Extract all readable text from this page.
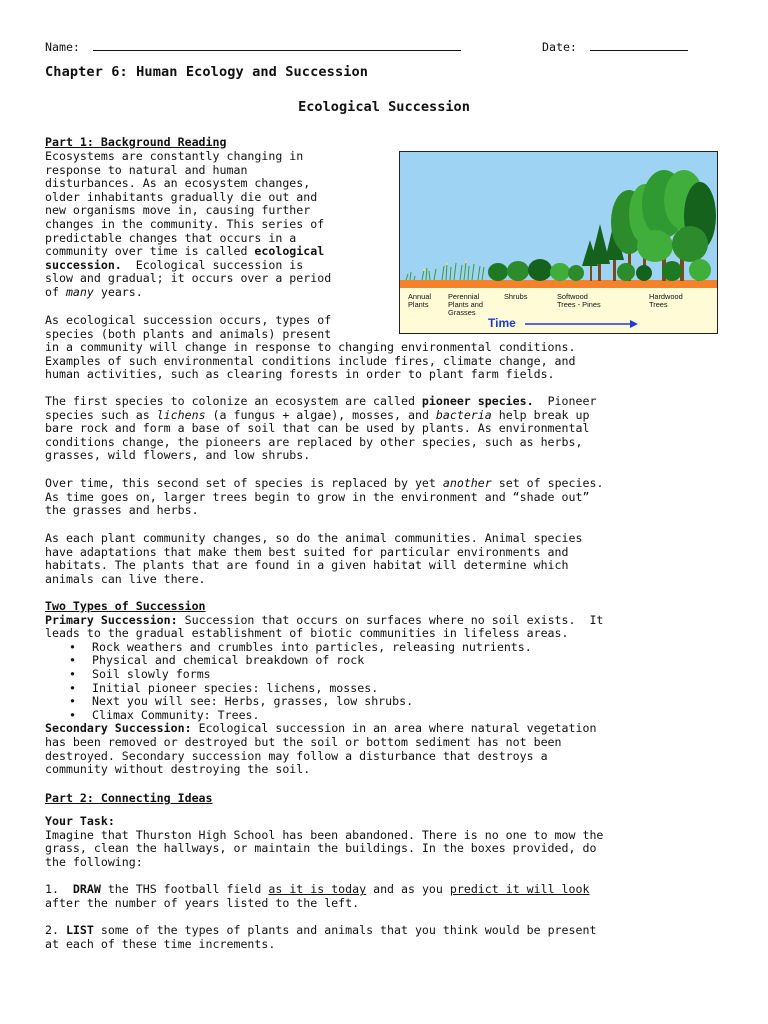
Name:	Date:
Chapter 6: Human Ecology and Succession
Ecological Succession
Part 1: Background Reading

Ecosystems are constantly changing in

response to natural and human

disturbances. As an ecosystem changes,

older inhabitants gradually die out and

new organisms move in, causing further

changes in the community. This series of

predictable changes that occurs in a

community over time is called ecological

succession.  Ecological succession is

slow and gradual; it occurs over a period

of many years.	Annual
Plants
Perennial
Plants and
Grasses
Shrubs	Softwood
Trees - Pines
Hardwood
Trees
Time

As ecological succession occurs, types of

species (both plants and animals) present

in a community will change in response to changing environmental conditions.

Examples of such environmental conditions include fires, climate change, and

human activities, such as clearing forests in order to plant farm fields.

The first species to colonize an ecosystem are called pioneer species.  Pioneer

species such as lichens (a fungus + algae), mosses, and bacteria help break up

bare rock and form a base of soil that can be used by plants. As environmental

conditions change, the pioneers are replaced by other species, such as herbs,

grasses, wild flowers, and low shrubs.

Over time, this second set of species is replaced by yet another set of species.

As time goes on, larger trees begin to grow in the environment and “shade out”

the grasses and herbs.

As each plant community changes, so do the animal communities. Animal species

have adaptations that make them best suited for particular environments and

habitats. The plants that are found in a given habitat will determine which

animals can live there.

Two Types of Succession

Primary Succession: Succession that occurs on surfaces where no soil exists.  It

leads to the gradual establishment of biotic communities in lifeless areas.

• Rock weathers and crumbles into particles, releasing nutrients.
• Physical and chemical breakdown of rock
• Soil slowly forms
• Initial pioneer species: lichens, mosses.
• Next you will see: Herbs, grasses, low shrubs.
• Climax Community: Trees.

Secondary Succession: Ecological succession in an area where natural vegetation

has been removed or destroyed but the soil or bottom sediment has not been

destroyed. Secondary succession may follow a disturbance that destroys a

community without destroying the soil.

Part 2: Connecting Ideas

Your Task:

Imagine that Thurston High School has been abandoned. There is no one to mow the

grass, clean the hallways, or maintain the buildings. In the boxes provided, do

the following:

1.  DRAW the THS football field as it is today and as you predict it will look

after the number of years listed to the left.

2. LIST some of the types of plants and animals that you think would be present

at each of these time increments.
